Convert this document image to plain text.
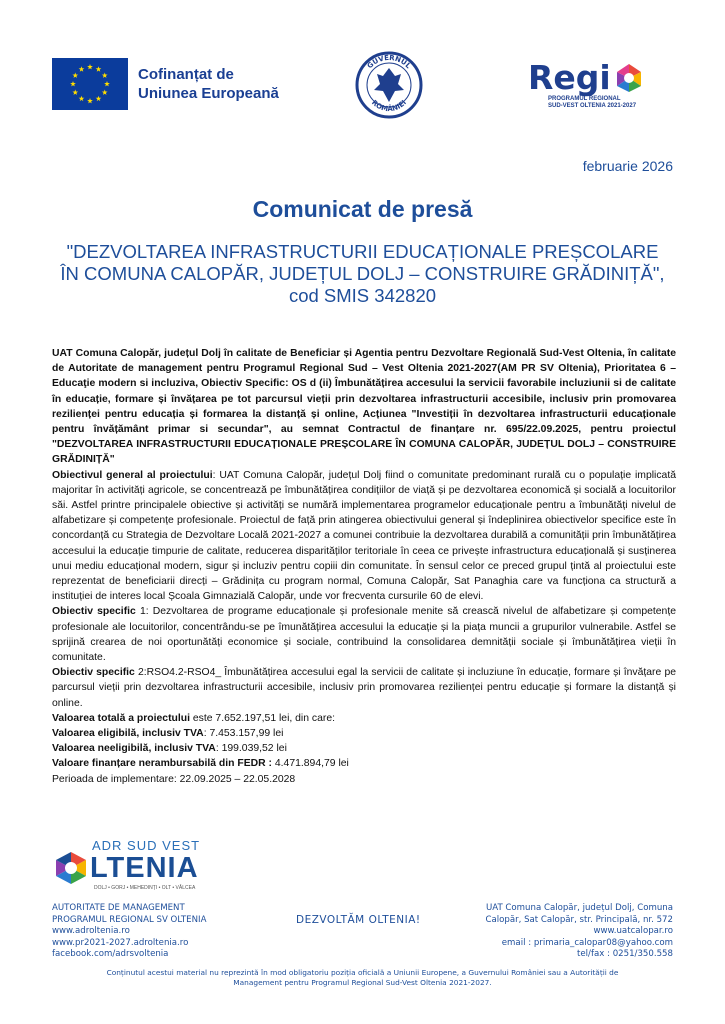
Cofinanțat de
Uniunea Europeană
GUVERNUL
ROMÂNIEI
Regi
PROGRAMUL REGIONAL
SUD-VEST OLTENIA 2021-2027
februarie 2026
Comunicat de presă
"DEZVOLTAREA INFRASTRUCTURII EDUCAȚIONALE PREȘCOLARE ÎN COMUNA CALOPĂR, JUDEȚUL DOLJ – CONSTRUIRE GRĂDINIȚĂ", cod SMIS 342820

UAT Comuna Calopăr, județul Dolj în calitate de Beneficiar și Agentia pentru Dezvoltare Regională Sud-Vest Oltenia, în calitate de Autoritate de management pentru Programul Regional Sud – Vest Oltenia 2021-2027(AM PR SV Oltenia), Prioritatea 6 – Educaţie modern si incluziva, Obiectiv Specific: OS d (ii) Îmbunătățirea accesului la servicii favorabile incluziunii si de calitate în educație, formare și învățarea pe tot parcursul vieții prin dezvoltarea infrastructurii accesibile, inclusiv prin promovarea rezilienței pentru educația și formarea la distanță și online, Acțiunea "Investiții în dezvoltarea infrastructurii educaționale pentru învățământ primar si secundar", au semnat Contractul de finanțare nr. 695/22.09.2025, pentru proiectul "DEZVOLTAREA INFRASTRUCTURII EDUCAȚIONALE PREȘCOLARE ÎN COMUNA CALOPĂR, JUDEȚUL DOLJ – CONSTRUIRE GRĂDINIȚĂ"

Obiectivul general al proiectului: UAT Comuna Calopăr, județul Dolj fiind o comunitate predominant rurală cu o populație implicată majoritar în activități agricole, se concentrează pe îmbunătățirea condițiilor de viață și pe dezvoltarea economică și socială a locuitorilor săi. Astfel printre principalele obiective și activități se numără implementarea programelor educaționale pentru a îmbunătăți nivelul de alfabetizare și competențe profesionale. Proiectul de față prin atingerea obiectivului general și îndeplinirea obiectivelor specifice este în concordanță cu Strategia de Dezvoltare Locală 2021-2027 a comunei contribuie la dezvoltarea durabilă a comunității prin îmbunătățirea accesului la educație timpurie de calitate, reducerea disparităților teritoriale în ceea ce privește infrastructura educațională și susținerea unui mediu educațional modern, sigur și incluziv pentru copiii din comunitate. În sensul celor ce preced grupul țintă al proiectului este reprezentat de beneficiarii direcți – Grădinița cu program normal, Comuna Calopăr, Sat Panaghia care va funcționa ca structură a instituției de interes local Școala Gimnazială Calopăr, unde vor frecventa cursurile 60 de elevi.

Obiectiv specific 1: Dezvoltarea de programe educaționale și profesionale menite să crească nivelul de alfabetizare și competențe profesionale ale locuitorilor, concentrându-se pe îmunătățirea accesului la educație și la piața muncii a grupurilor vulnerabile. Astfel se sprijină crearea de noi oportunătăți economice și sociale, contribuind la consolidarea demnității sociale și îmbunătățirea vieții în comunitate.

Obiectiv specific 2:RSO4.2-RSO4_ Îmbunătățirea accesului egal la servicii de calitate și incluziune în educație, formare și învățare pe parcursul vieții prin dezvoltarea infrastructurii accesibile, inclusiv prin promovarea rezilienței pentru educație și formare la distanță și online.

Valoarea totală a proiectului este 7.652.197,51 lei, din care:

Valoarea eligibilă, inclusiv TVA: 7.453.157,99 lei

Valoarea neeligibilă, inclusiv TVA: 199.039,52 lei

Valoare finanțare nerambursabilă din FEDR : 4.471.894,79 lei

Perioada de implementare: 22.09.2025 – 22.05.2028

ADR SUD VEST
LTENIA
DOLJ • GORJ • MEHEDINȚI • OLT • VÂLCEA
AUTORITATE DE MANAGEMENT
PROGRAMUL REGIONAL SV OLTENIA
www.adroltenia.ro
www.pr2021-2027.adroltenia.ro
facebook.com/adrsvoltenia
DEZVOLTĂM OLTENIA!
UAT Comuna Calopăr, județul Dolj, Comuna
Calopăr, Sat Calopăr, str. Principală, nr. 572
www.uatcalopar.ro
email : primaria_calopar08@yahoo.com
tel/fax : 0251/350.558
Conținutul acestui material nu reprezintă în mod obligatoriu poziția oficială a Uniunii Europene, a Guvernului României sau a Autorității de Management pentru Programul Regional Sud-Vest Oltenia 2021-2027.
